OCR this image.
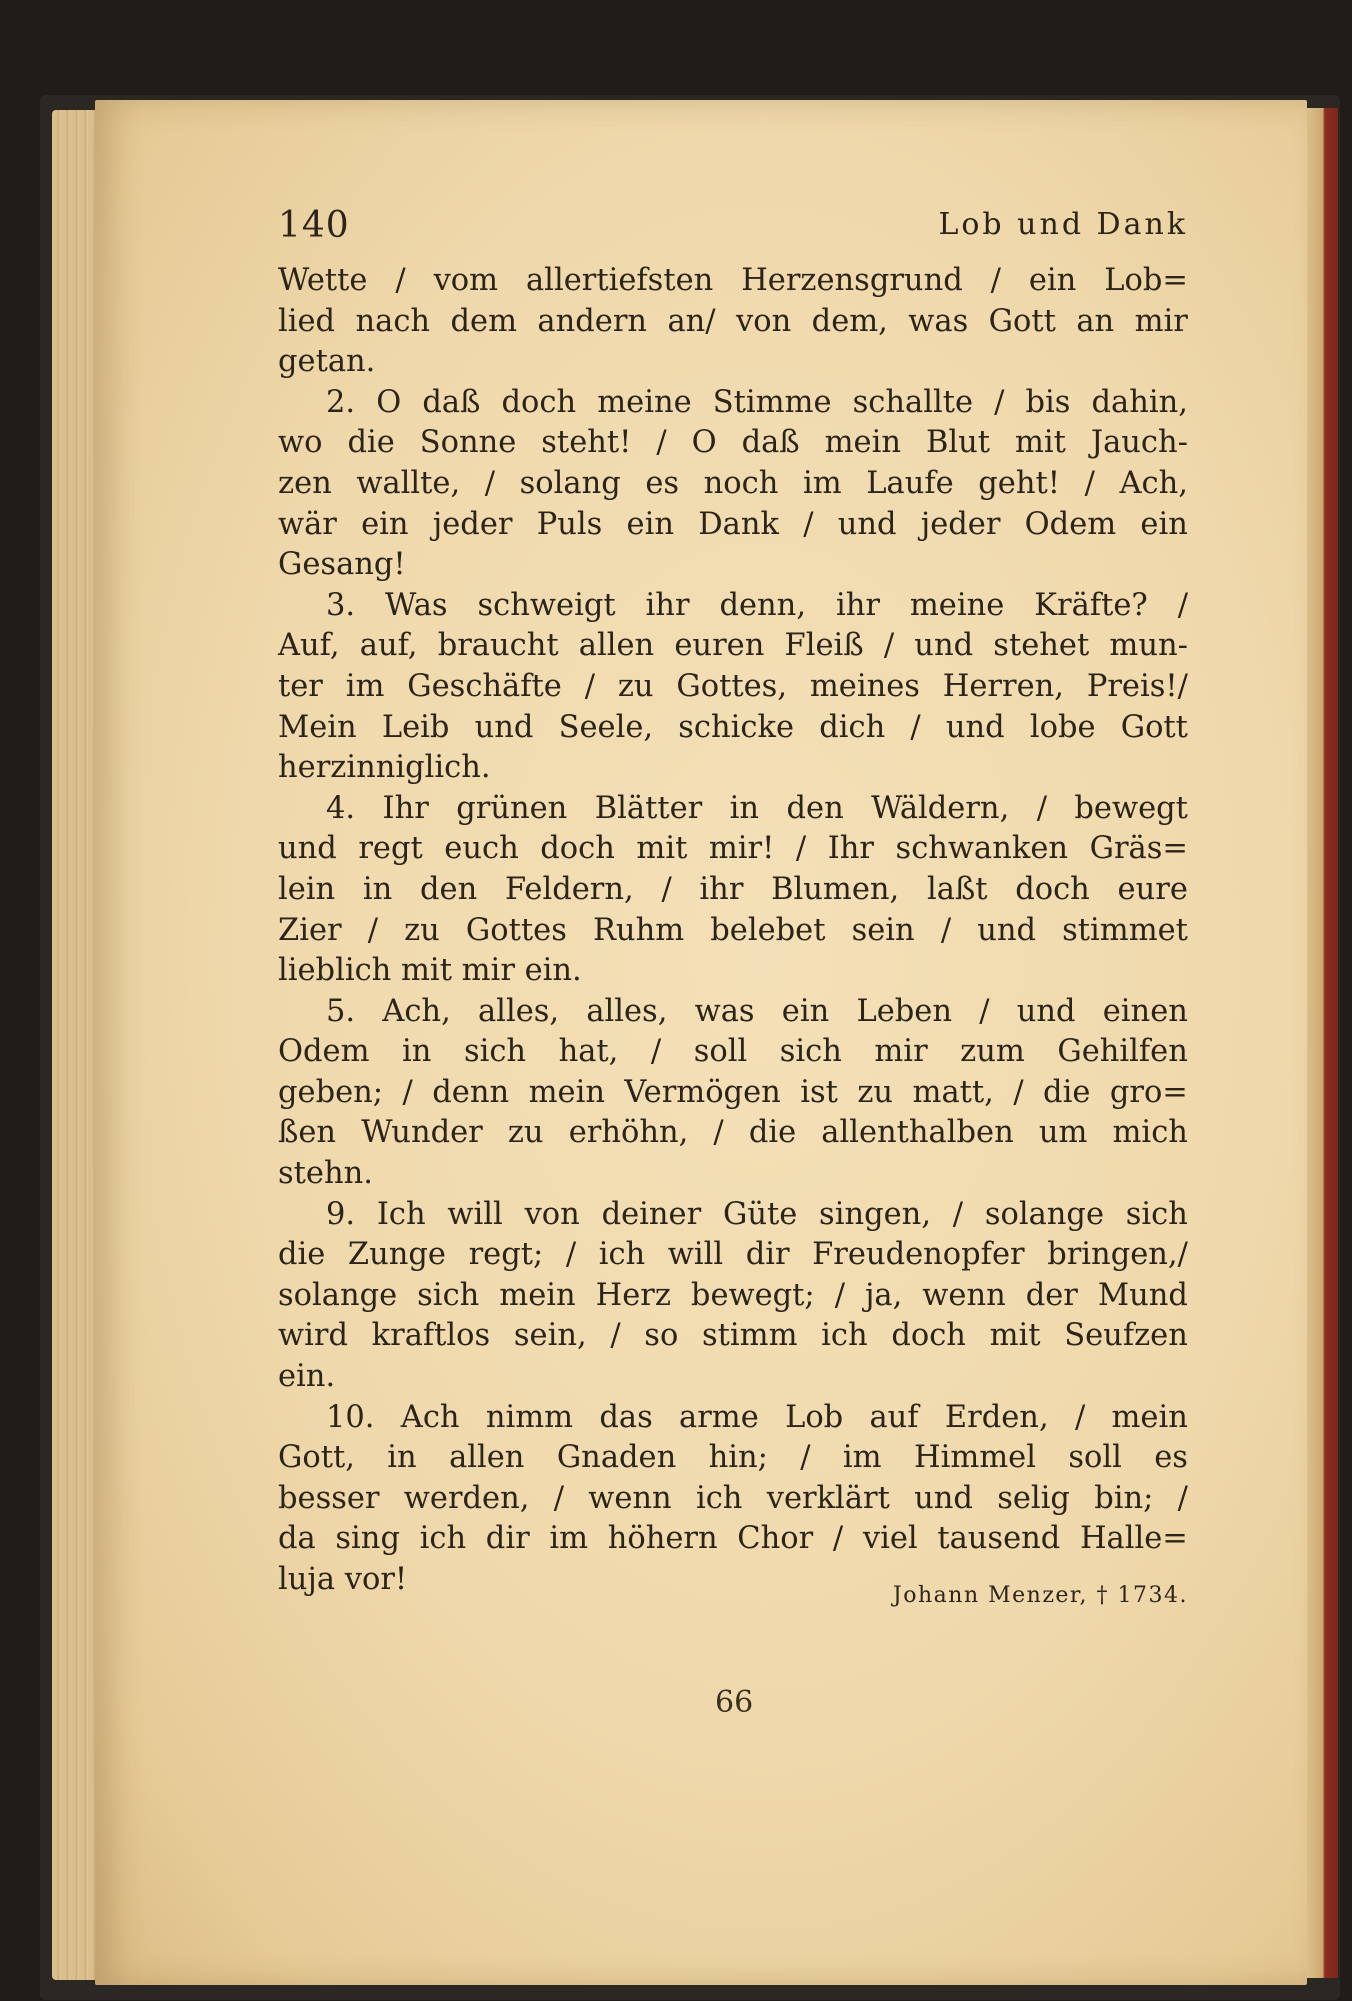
140	Lob und Dank
Wette / vom allertiefsten Herzensgrund / ein Lob=
lied nach dem andern an/ von dem, was Gott an mir
getan.
2. O daß doch meine Stimme schallte / bis dahin,
wo die Sonne steht! / O daß mein Blut mit Jauch-
zen wallte, / solang es noch im Laufe geht! / Ach,
wär ein jeder Puls ein Dank / und jeder Odem ein
Gesang!
3. Was schweigt ihr denn, ihr meine Kräfte? /
Auf, auf, braucht allen euren Fleiß / und stehet mun-
ter im Geschäfte / zu Gottes, meines Herren, Preis!/
Mein Leib und Seele, schicke dich / und lobe Gott
herzinniglich.
4. Ihr grünen Blätter in den Wäldern, / bewegt
und regt euch doch mit mir! / Ihr schwanken Gräs=
lein in den Feldern, / ihr Blumen, laßt doch eure
Zier / zu Gottes Ruhm belebet sein / und stimmet
lieblich mit mir ein.
5. Ach, alles, alles, was ein Leben / und einen
Odem in sich hat, / soll sich mir zum Gehilfen
geben; / denn mein Vermögen ist zu matt, / die gro=
ßen Wunder zu erhöhn, / die allenthalben um mich
stehn.
9. Ich will von deiner Güte singen, / solange sich
die Zunge regt; / ich will dir Freudenopfer bringen,/
solange sich mein Herz bewegt; / ja, wenn der Mund
wird kraftlos sein, / so stimm ich doch mit Seufzen
ein.
10. Ach nimm das arme Lob auf Erden, / mein
Gott, in allen Gnaden hin; / im Himmel soll es
besser werden, / wenn ich verklärt und selig bin; /
da sing ich dir im höhern Chor / viel tausend Halle=
luja vor!	Johann Menzer, † 1734.
66
